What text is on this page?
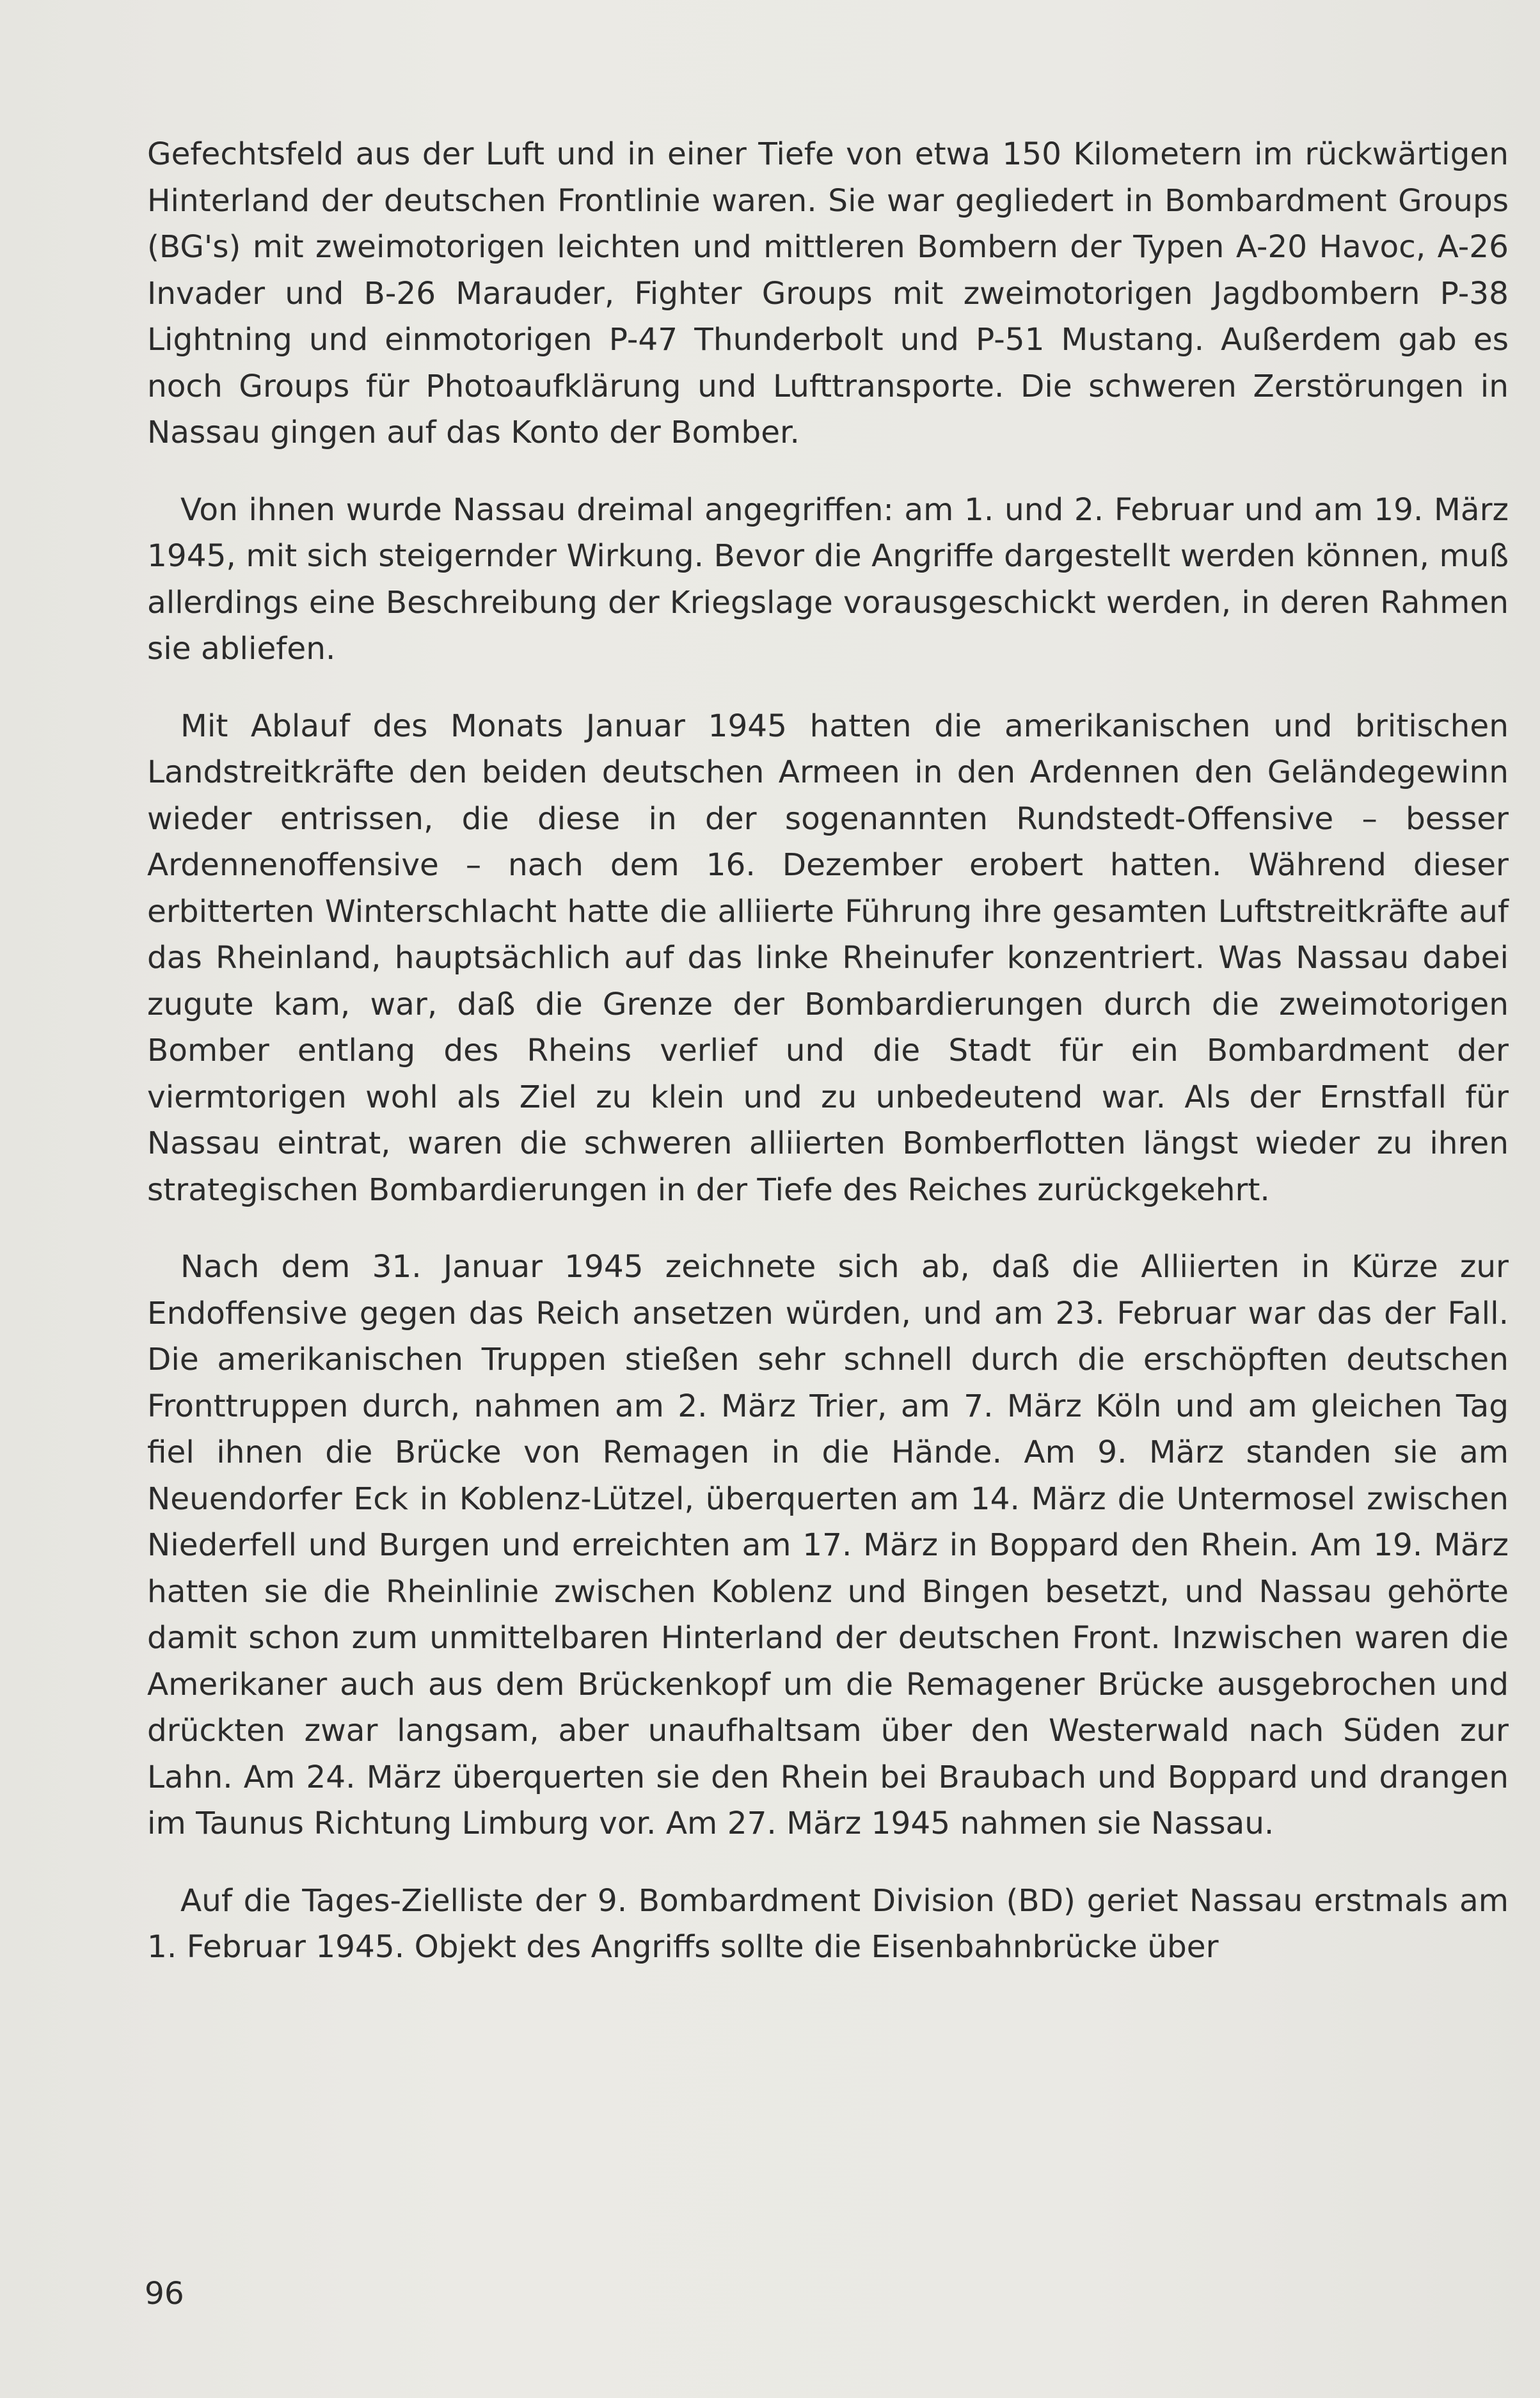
Gefechtsfeld aus der Luft und in einer Tiefe von etwa 150 Kilometern im rückwärtigen Hinterland der deutschen Frontlinie waren. Sie war gegliedert in Bombardment Groups (BG's) mit zweimotorigen leichten und mittleren Bombern der Typen A-20 Havoc, A-26 Invader und B-26 Marauder, Fighter Groups mit zweimotorigen Jagdbombern P-38 Lightning und einmotorigen P-47 Thunderbolt und P-51 Mustang. Außerdem gab es noch Groups für Photoaufklärung und Lufttransporte. Die schweren Zerstörungen in Nassau gingen auf das Konto der Bomber.

Von ihnen wurde Nassau dreimal angegriffen: am 1. und 2. Februar und am 19. März 1945, mit sich steigernder Wirkung. Bevor die Angriffe dargestellt werden können, muß allerdings eine Beschreibung der Kriegslage vorausgeschickt werden, in deren Rahmen sie abliefen.

Mit Ablauf des Monats Januar 1945 hatten die amerikanischen und britischen Landstreitkräfte den beiden deutschen Armeen in den Ardennen den Geländegewinn wieder entrissen, die diese in der sogenannten Rundstedt-Offensive – besser Ardennenoffensive – nach dem 16. Dezember erobert hatten. Während dieser erbitterten Winterschlacht hatte die alliierte Führung ihre gesamten Luftstreitkräfte auf das Rheinland, hauptsächlich auf das linke Rheinufer konzentriert. Was Nassau dabei zugute kam, war, daß die Grenze der Bombardierungen durch die zweimotorigen Bomber entlang des Rheins verlief und die Stadt für ein Bombardment der viermtorigen wohl als Ziel zu klein und zu unbedeutend war. Als der Ernstfall für Nassau eintrat, waren die schweren alliierten Bomberflotten längst wieder zu ihren strategischen Bombardierungen in der Tiefe des Reiches zurückgekehrt.

Nach dem 31. Januar 1945 zeichnete sich ab, daß die Alliierten in Kürze zur Endoffensive gegen das Reich ansetzen würden, und am 23. Februar war das der Fall. Die amerikanischen Truppen stießen sehr schnell durch die erschöpften deutschen Fronttruppen durch, nahmen am 2. März Trier, am 7. März Köln und am gleichen Tag fiel ihnen die Brücke von Remagen in die Hände. Am 9. März standen sie am Neuendorfer Eck in Koblenz-Lützel, überquerten am 14. März die Untermosel zwischen Niederfell und Burgen und erreichten am 17. März in Boppard den Rhein. Am 19. März hatten sie die Rheinlinie zwischen Koblenz und Bingen besetzt, und Nassau gehörte damit schon zum unmittelbaren Hinterland der deutschen Front. Inzwischen waren die Amerikaner auch aus dem Brückenkopf um die Remagener Brücke ausgebrochen und drückten zwar langsam, aber unaufhaltsam über den Westerwald nach Süden zur Lahn. Am 24. März überquerten sie den Rhein bei Braubach und Boppard und drangen im Taunus Richtung Limburg vor. Am 27. März 1945 nahmen sie Nassau.

Auf die Tages-Zielliste der 9. Bombardment Division (BD) geriet Nassau erstmals am 1. Februar 1945. Objekt des Angriffs sollte die Eisenbahnbrücke über

96
